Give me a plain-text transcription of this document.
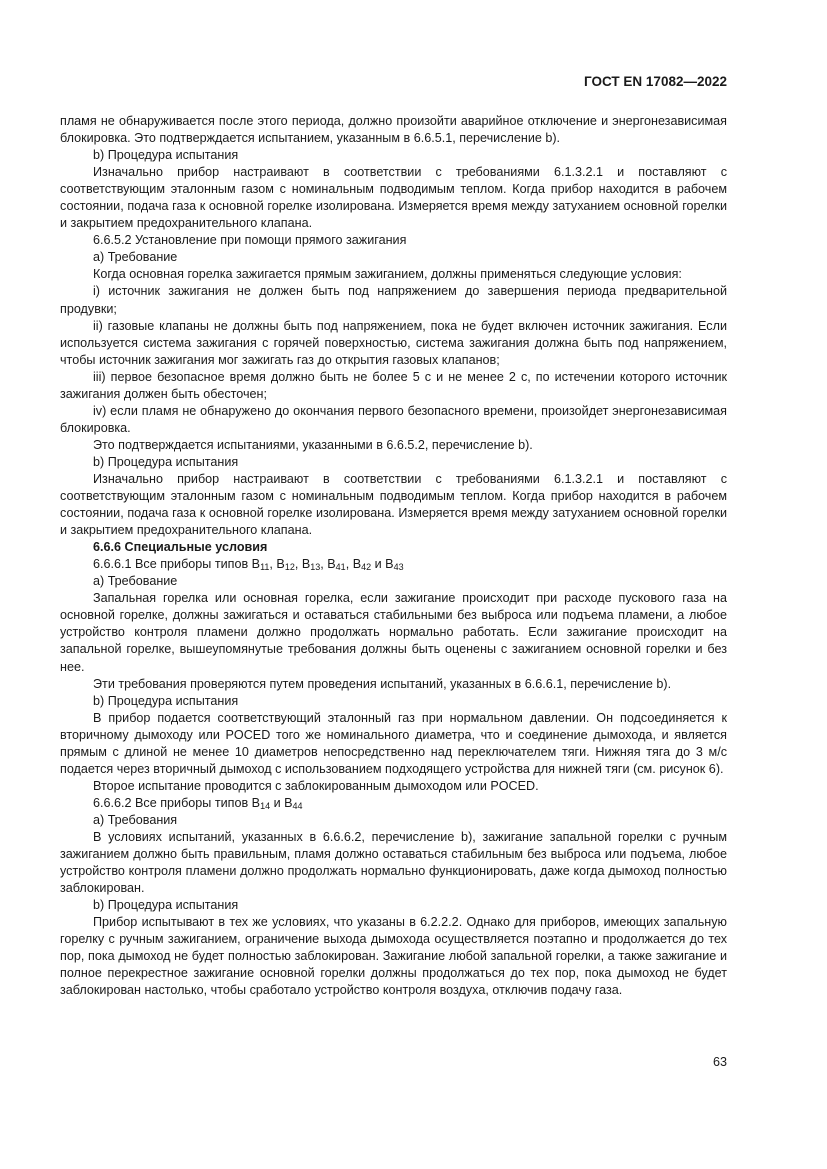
ГОСТ EN 17082—2022

пламя не обнаруживается после этого периода, должно произойти аварийное отключение и энергонезависимая блокировка. Это подтверждается испытанием, указанным в 6.6.5.1, перечисление b).

b) Процедура испытания

Изначально прибор настраивают в соответствии с требованиями 6.1.3.2.1 и поставляют с соответствующим эталонным газом с номинальным подводимым теплом. Когда прибор находится в рабочем состоянии, подача газа к основной горелке изолирована. Измеряется время между затуханием основной горелки и закрытием предохранительного клапана.

6.6.5.2 Установление при помощи прямого зажигания

a) Требование

Когда основная горелка зажигается прямым зажиганием, должны применяться следующие условия:

i) источник зажигания не должен быть под напряжением до завершения периода предварительной продувки;

ii) газовые клапаны не должны быть под напряжением, пока не будет включен источник зажигания. Если используется система зажигания с горячей поверхностью, система зажигания должна быть под напряжением, чтобы источник зажигания мог зажигать газ до открытия газовых клапанов;

iii) первое безопасное время должно быть не более 5 с и не менее 2 с, по истечении которого источник зажигания должен быть обесточен;

iv) если пламя не обнаружено до окончания первого безопасного времени, произойдет энергонезависимая блокировка.

Это подтверждается испытаниями, указанными в 6.6.5.2, перечисление b).

b) Процедура испытания

Изначально прибор настраивают в соответствии с требованиями 6.1.3.2.1 и поставляют с соответствующим эталонным газом с номинальным подводимым теплом. Когда прибор находится в рабочем состоянии, подача газа к основной горелке изолирована. Измеряется время между затуханием основной горелки и закрытием предохранительного клапана.

6.6.6 Специальные условия

6.6.6.1 Все приборы типов $B_{11}$, $B_{12}$, $B_{13}$, $B_{41}$, $B_{42}$ и $B_{43}$

a) Требование

Запальная горелка или основная горелка, если зажигание происходит при расходе пускового газа на основной горелке, должны зажигаться и оставаться стабильными без выброса или подъема пламени, а любое устройство контроля пламени должно продолжать нормально работать. Если зажигание происходит на запальной горелке, вышеупомянутые требования должны быть оценены с зажиганием основной горелки и без нее.

Эти требования проверяются путем проведения испытаний, указанных в 6.6.6.1, перечисление b).

b) Процедура испытания

В прибор подается соответствующий эталонный газ при нормальном давлении. Он подсоединяется к вторичному дымоходу или POCED того же номинального диаметра, что и соединение дымохода, и является прямым с длиной не менее 10 диаметров непосредственно над переключателем тяги. Нижняя тяга до 3 м/с подается через вторичный дымоход с использованием подходящего устройства для нижней тяги (см. рисунок 6).

Второе испытание проводится с заблокированным дымоходом или POCED.

6.6.6.2 Все приборы типов $B_{14}$ и $B_{44}$

a) Требования

В условиях испытаний, указанных в 6.6.6.2, перечисление b), зажигание запальной горелки с ручным зажиганием должно быть правильным, пламя должно оставаться стабильным без выброса или подъема, любое устройство контроля пламени должно продолжать нормально функционировать, даже когда дымоход полностью заблокирован.

b) Процедура испытания

Прибор испытывают в тех же условиях, что указаны в 6.2.2.2. Однако для приборов, имеющих запальную горелку с ручным зажиганием, ограничение выхода дымохода осуществляется поэтапно и продолжается до тех пор, пока дымоход не будет полностью заблокирован. Зажигание любой запальной горелки, а также зажигание и полное перекрестное зажигание основной горелки должны продолжаться до тех пор, пока дымоход не будет заблокирован настолько, чтобы сработало устройство контроля воздуха, отключив подачу газа.

63
